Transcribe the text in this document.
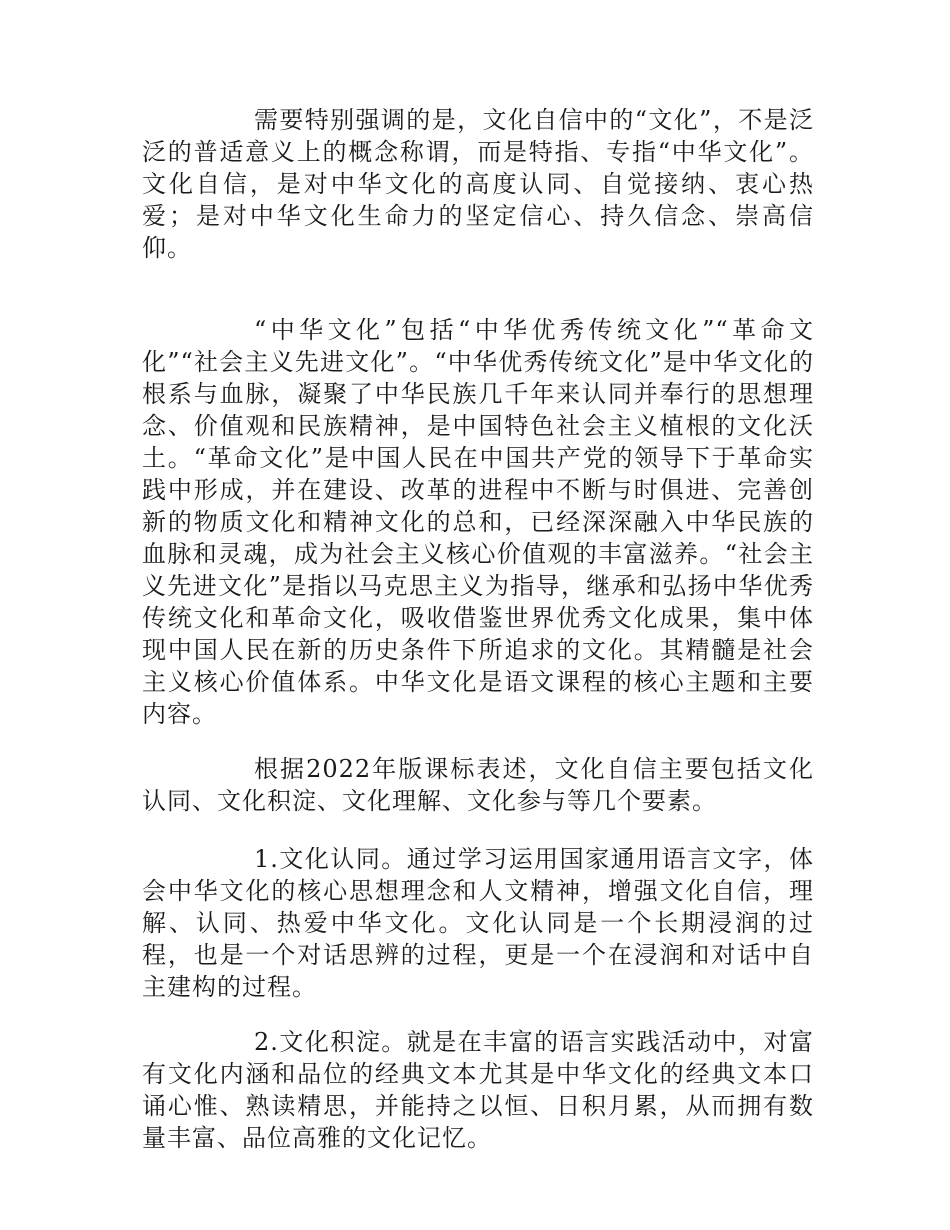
需要特别强调的是，文化自信中的“文化”，不是泛泛的普适意义上的概念称谓，而是特指、专指“中华文化”。文化自信，是对中华文化的高度认同、自觉接纳、衷心热爱；是对中华文化生命力的坚定信心、持久信念、崇高信仰。

“中华文化”包括“中华优秀传统文化”“革命文化”“社会主义先进文化”。“中华优秀传统文化”是中华文化的根系与血脉，凝聚了中华民族几千年来认同并奉行的思想理念、价值观和民族精神，是中国特色社会主义植根的文化沃土。“革命文化”是中国人民在中国共产党的领导下于革命实践中形成，并在建设、改革的进程中不断与时俱进、完善创新的物质文化和精神文化的总和，已经深深融入中华民族的血脉和灵魂，成为社会主义核心价值观的丰富滋养。“社会主义先进文化”是指以马克思主义为指导，继承和弘扬中华优秀传统文化和革命文化，吸收借鉴世界优秀文化成果，集中体现中国人民在新的历史条件下所追求的文化。其精髓是社会主义核心价值体系。中华文化是语文课程的核心主题和主要内容。

根据2022年版课标表述，文化自信主要包括文化认同、文化积淀、文化理解、文化参与等几个要素。

1.文化认同。通过学习运用国家通用语言文字，体会中华文化的核心思想理念和人文精神，增强文化自信，理解、认同、热爱中华文化。文化认同是一个长期浸润的过程，也是一个对话思辨的过程，更是一个在浸润和对话中自主建构的过程。

2.文化积淀。就是在丰富的语言实践活动中，对富有文化内涵和品位的经典文本尤其是中华文化的经典文本口诵心惟、熟读精思，并能持之以恒、日积月累，从而拥有数量丰富、品位高雅的文化记忆。
